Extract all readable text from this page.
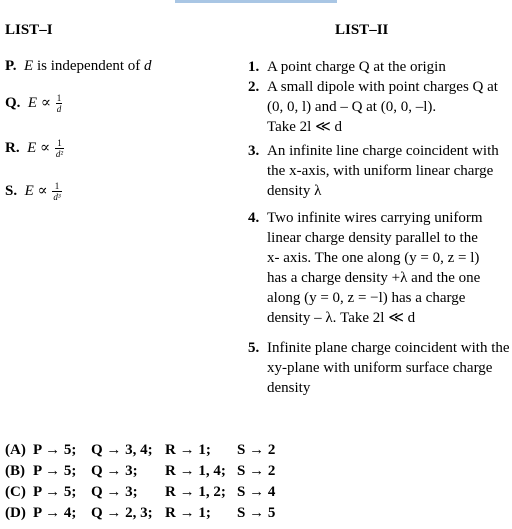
LIST–I	LIST–II
P. E is independent of d
Q. $E \propto \frac{1}{d}$
R. $E \propto \frac{1}{\text{d²}}$
S. $E \propto \frac{1}{\text{d³}}$
1. A point charge Q at the origin
2. A small dipole with point charges Q at
(0, 0, l) and – Q at (0, 0, –l).
Take 2l ≪ d
3. An infinite line charge coincident with
the x-axis, with uniform linear charge
density λ
4. Two infinite wires carrying uniform
linear charge density parallel to the
x- axis. The one along (y = 0, z = l)
has a charge density +λ and the one
along (y = 0, z = −l) has a charge
density – λ. Take 2l ≪ d
5. Infinite plane charge coincident with the
xy-plane with uniform surface charge
density
(A) P → 5; Q → 3, 4; R → 1; S → 2
(B) P → 5; Q → 3; R → 1, 4; S → 2
(C) P → 5; Q → 3; R → 1, 2; S → 4
(D) P → 4; Q → 2, 3; R → 1; S → 5
